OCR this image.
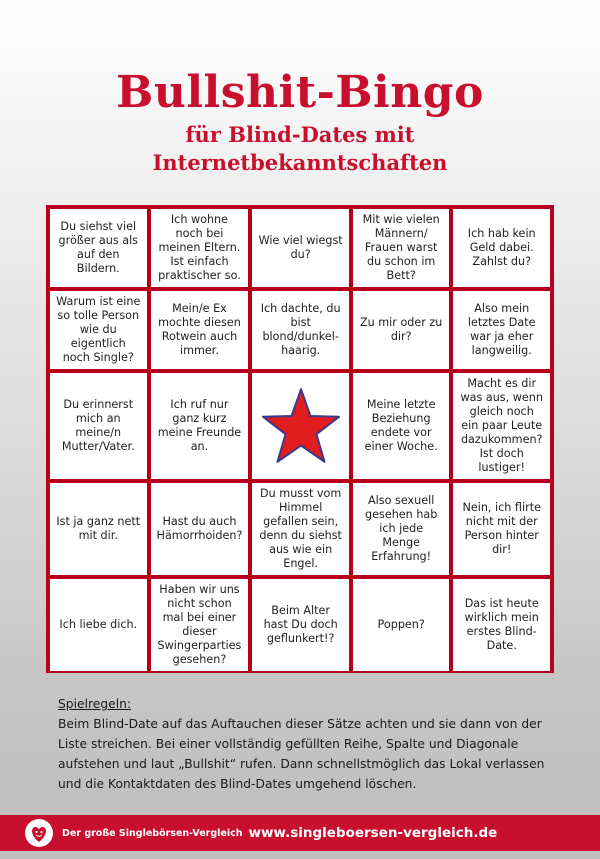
Bullshit-Bingo
für Blind-Dates mit
Internetbekanntschaften
Du siehst viel größer aus als auf den Bildern.
Ich wohne noch bei meinen Eltern. Ist einfach praktischer so.
Wie viel wiegst du?
Mit wie vielen Männern/ Frauen warst du schon im Bett?
Ich hab kein Geld dabei. Zahlst du?
Warum ist eine so tolle Person wie du eigentlich noch Single?
Mein/e Ex mochte diesen Rotwein auch immer.
Ich dachte, du bist blond/dunkel-haarig.
Zu mir oder zu dir?
Also mein letztes Date war ja eher langweilig.
Du erinnerst mich an meine/n Mutter/Vater.
Ich ruf nur ganz kurz meine Freunde an.
Meine letzte Beziehung endete vor einer Woche.
Macht es dir was aus, wenn gleich noch ein paar Leute dazukommen? Ist doch lustiger!
Ist ja ganz nett mit dir.
Hast du auch Hämorrhoiden?
Du musst vom Himmel gefallen sein, denn du siehst aus wie ein Engel.
Also sexuell gesehen hab ich jede Menge Erfahrung!
Nein, ich flirte nicht mit der Person hinter dir!
Ich liebe dich.
Haben wir uns nicht schon mal bei einer dieser Swingerparties gesehen?
Beim Alter hast Du doch geflunkert!?
Poppen?
Das ist heute wirklich mein erstes Blind-Date.
Spielregeln:
Beim Blind-Date auf das Auftauchen dieser Sätze achten und sie dann von der Liste streichen. Bei einer vollständig gefüllten Reihe, Spalte und Diagonale aufstehen und laut „Bullshit“ rufen. Dann schnellstmöglich das Lokal verlassen und die Kontaktdaten des Blind-Dates umgehend löschen.
Der große Singlebörsen-Vergleich www.singleboersen-vergleich.de
